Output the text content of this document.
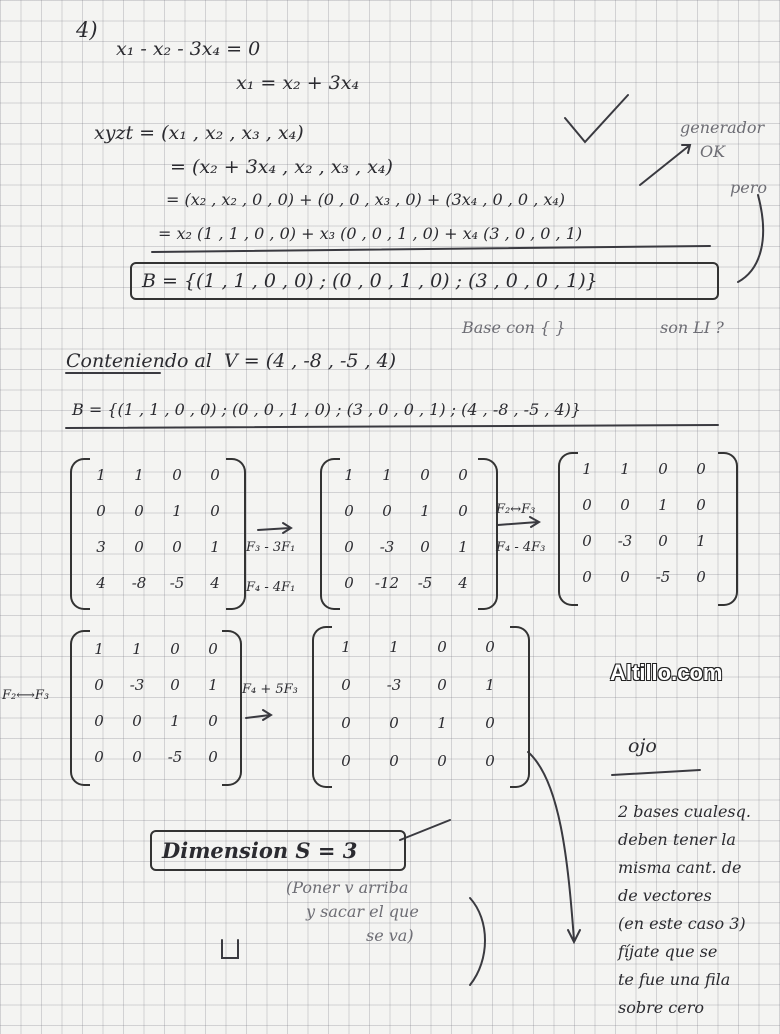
4)
x₁ - x₂ - 3x₄ = 0
x₁ = x₂ + 3x₄
xyzt = (x₁ , x₂ , x₃ , x₄)
= (x₂ + 3x₄ , x₂ , x₃ , x₄)
= (x₂ , x₂ , 0 , 0) + (0 , 0 , x₃ , 0) + (3x₄ , 0 , 0 , x₄)
= x₂ (1 , 1 , 0 , 0) + x₃ (0 , 0 , 1 , 0) + x₄ (3 , 0 , 0 , 1)
B = {(1 , 1 , 0 , 0) ; (0 , 0 , 1 , 0) ; (3 , 0 , 0 , 1)}
Base con { }
generador
OK
pero
son LI ?
Conteniendo al V = (4 , -8 , -5 , 4)
B = {(1 , 1 , 0 , 0) ; (0 , 0 , 1 , 0) ; (3 , 0 , 0 , 1) ; (4 , -8 , -5 , 4)}
1	1	0	0
0	0	1	0
3	0	0	1
4	-8	-5	4
F₃ - 3F₁
F₄ - 4F₁
1	1	0	0
0	0	1	0
0	-3	0	1
0	-12	-5	4
F₂↔F₃
F₄ - 4F₃
1	1	0	0
0	0	1	0
0	-3	0	1
0	0	-5	0
F₂⟷F₃
1	1	0	0
0	-3	0	1
0	0	1	0
0	0	-5	0
F₄ + 5F₃
1	1	0	0
0	-3	0	1
0	0	1	0
0	0	0	0
Altillo.com
ojo
2 bases cualesq.
deben tener la
misma cant. de
de vectores
(en este caso 3)
fíjate que se
te fue una fila
sobre cero
Dimension S = 3
(Poner v arriba
y sacar el que
se va)
